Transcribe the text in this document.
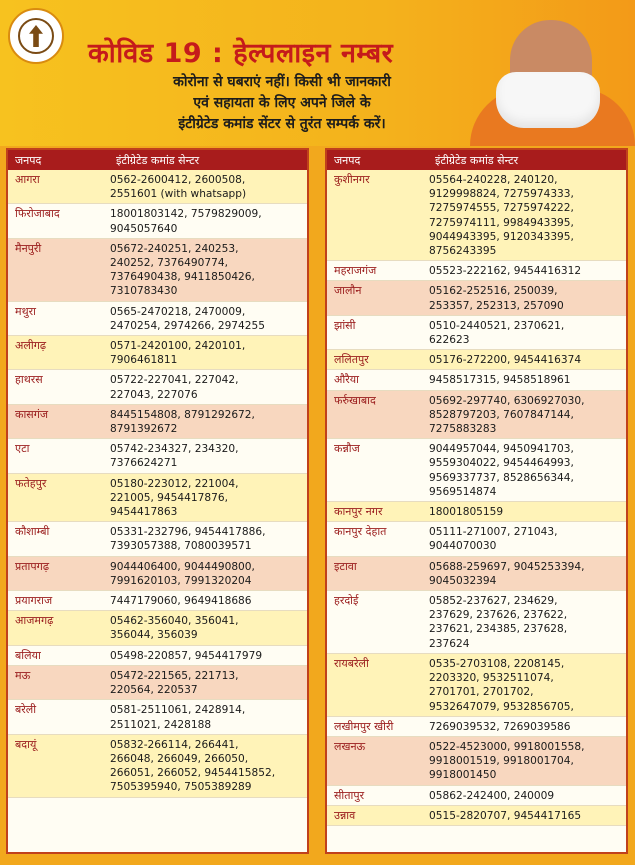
कोविड 19 : हेल्पलाइन नम्बर
कोरोना से घबराएं नहीं। किसी भी जानकारी
एवं सहायता के लिए अपने जिले के
इंटीग्रेटेड कमांड सेंटर से तुरंत सम्पर्क करें।
जनपद	इंटीग्रेटेड कमांड सेन्टर
आगरा	0562-2600412, 2600508,
2551601 (with whatsapp)
फिरोजाबाद	18001803142, 7579829009,
9045057640
मैनपुरी	05672-240251, 240253,
240252, 7376490774,
7376490438, 9411850426,
7310783430
मथुरा	0565-2470218, 2470009,
2470254, 2974266, 2974255
अलीगढ़	0571-2420100, 2420101,
7906461811
हाथरस	05722-227041, 227042,
227043, 227076
कासगंज	8445154808, 8791292672,
8791392672
एटा	05742-234327, 234320,
7376624271
फतेहपुर	05180-223012, 221004,
221005, 9454417876,
9454417863
कौशाम्बी	05331-232796, 9454417886,
7393057388, 7080039571
प्रतापगढ़	9044406400, 9044490800,
7991620103, 7991320204
प्रयागराज	7447179060, 9649418686
आजमगढ़	05462-356040, 356041,
356044, 356039
बलिया	05498-220857, 9454417979
मऊ	05472-221565, 221713,
220564, 220537
बरेली	0581-2511061, 2428914,
2511021, 2428188
बदायूं	05832-266114, 266441,
266048, 266049, 266050,
266051, 266052, 9454415852,
7505395940, 7505389289
जनपद	इंटीग्रेटेड कमांड सेन्टर
कुशीनगर	05564-240228, 240120,
9129998824, 7275974333,
7275974555, 7275974222,
7275974111, 9984943395,
9044943395, 9120343395,
8756243395
महराजगंज	05523-222162, 9454416312
जालौन	05162-252516, 250039,
253357, 252313, 257090
झांसी	0510-2440521, 2370621,
622623
ललितपुर	05176-272200, 9454416374
औरैया	9458517315, 9458518961
फर्रुखाबाद	05692-297740, 6306927030,
8528797203, 7607847144,
7275883283
कन्नौज	9044957044, 9450941703,
9559304022, 9454464993,
9569337737, 8528656344,
9569514874
कानपुर नगर	18001805159
कानपुर देहात	05111-271007, 271043,
9044070030
इटावा	05688-259697, 9045253394,
9045032394
हरदोई	05852-237627, 234629,
237629, 237626, 237622,
237621, 234385, 237628,
237624
रायबरेली	0535-2703108, 2208145,
2203320, 9532511074,
2701701, 2701702,
9532647079, 9532856705,
लखीमपुर खीरी	7269039532, 7269039586
लखनऊ	0522-4523000, 9918001558,
9918001519, 9918001704,
9918001450
सीतापुर	05862-242400, 240009
उन्नाव	0515-2820707, 9454417165
